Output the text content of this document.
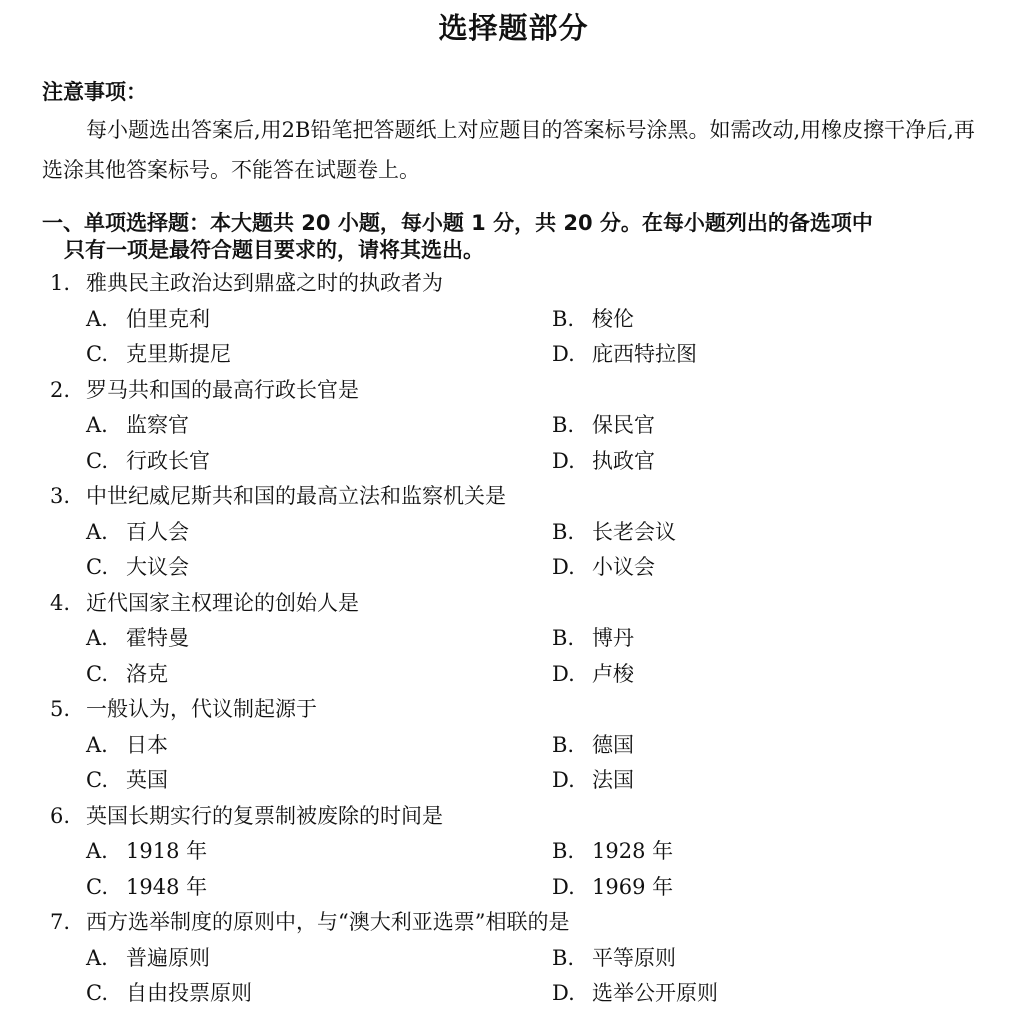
选择题部分
注意事项：
每小题选出答案后,用2B铅笔把答题纸上对应题目的答案标号涂黑。如需改动,用橡皮擦干净后,再选涂其他答案标号。不能答在试题卷上。
一、单项选择题：本大题共 20 小题，每小题 1 分，共 20 分。在每小题列出的备选项中
只有一项是最符合题目要求的，请将其选出。
1. 雅典民主政治达到鼎盛之时的执政者为
A. 伯里克利	B. 梭伦
C. 克里斯提尼	D. 庇西特拉图
2. 罗马共和国的最高行政长官是
A. 监察官	B. 保民官
C. 行政长官	D. 执政官
3. 中世纪威尼斯共和国的最高立法和监察机关是
A. 百人会	B. 长老会议
C. 大议会	D. 小议会
4. 近代国家主权理论的创始人是
A. 霍特曼	B. 博丹
C. 洛克	D. 卢梭
5. 一般认为，代议制起源于
A. 日本	B. 德国
C. 英国	D. 法国
6. 英国长期实行的复票制被废除的时间是
A. 1918 年	B. 1928 年
C. 1948 年	D. 1969 年
7. 西方选举制度的原则中，与“澳大利亚选票”相联的是
A. 普遍原则	B. 平等原则
C. 自由投票原则	D. 选举公开原则
